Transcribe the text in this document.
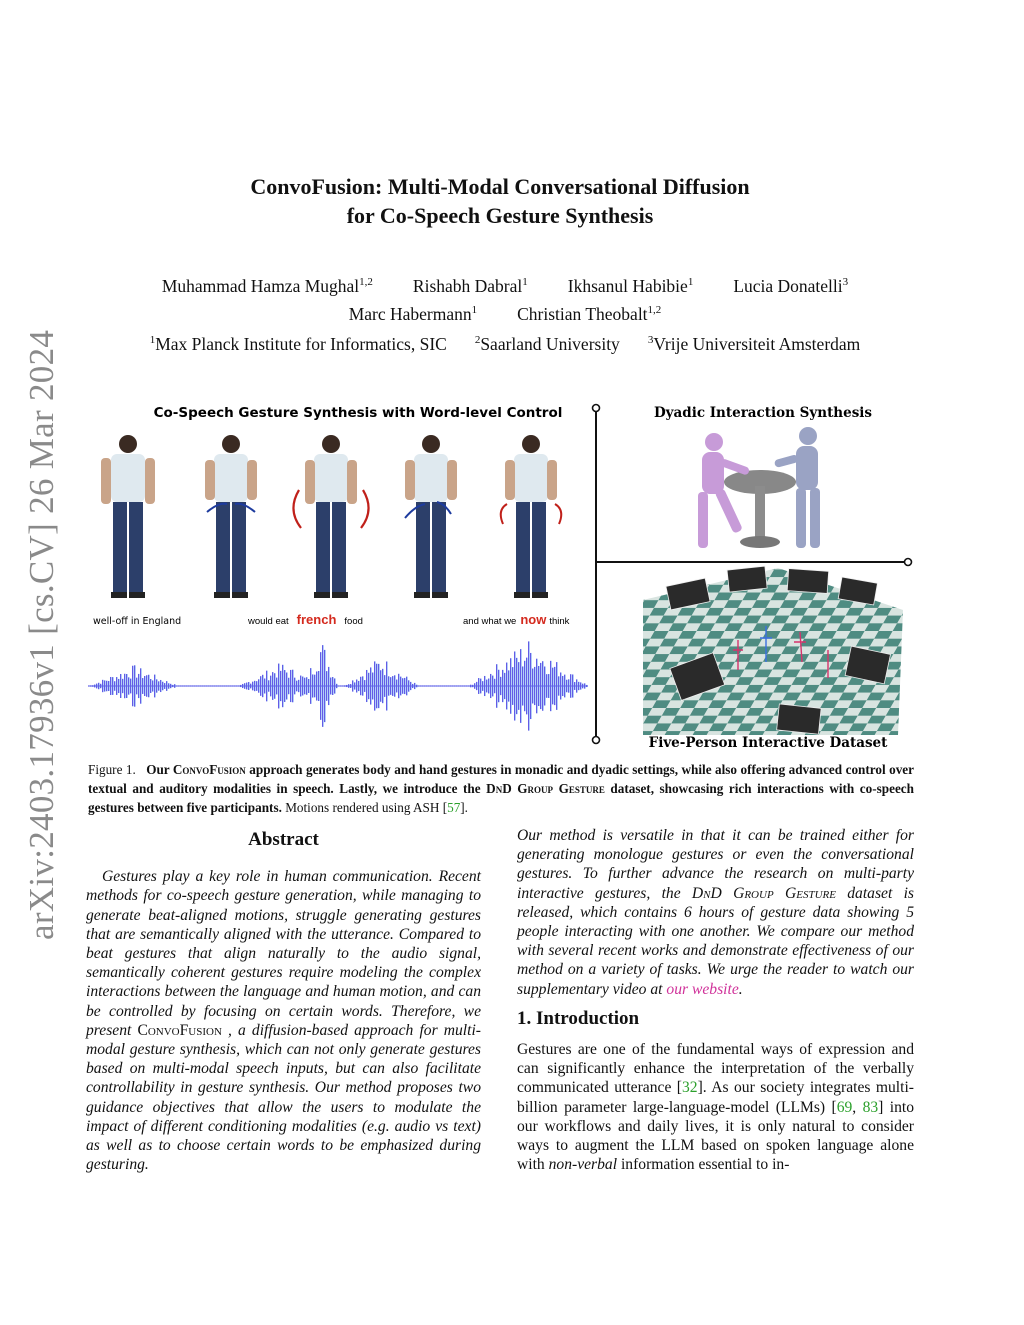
arXiv:2403.17936v1 [cs.CV] 26 Mar 2024
ConvoFusion: Multi-Modal Conversational Diffusion
for Co-Speech Gesture Synthesis
Muhammad Hamza Mughal$^{1,2}$ Rishabh Dabral$^1$ Ikhsanul Habibie$^1$ Lucia Donatelli$^3$
Marc Habermann$^1$ Christian Theobalt$^{1,2}$
$^1$Max Planck Institute for Informatics, SIC	$^2$Saarland University	$^3$Vrije Universiteit Amsterdam
Co-Speech Gesture Synthesis with Word-level Control
well-off in England	would eat french food	and what we now think
Dyadic Interaction Synthesis
Five-Person Interactive Dataset
Figure 1. Our ConvoFusion approach generates body and hand gestures in monadic and dyadic settings, while also offering advanced control over textual and auditory modalities in speech. Lastly, we introduce the DnD Group Gesture dataset, showcasing rich interactions with co-speech gestures between five participants. Motions rendered using ASH [57].
Abstract

Gestures play a key role in human communication. Recent methods for co-speech gesture generation, while managing to generate beat-aligned motions, struggle generating gestures that are semantically aligned with the utterance. Compared to beat gestures that align naturally to the audio signal, semantically coherent gestures require modeling the complex interactions between the language and human motion, and can be controlled by focusing on certain words. Therefore, we present ConvoFusion , a diffusion-based approach for multi-modal gesture synthesis, which can not only generate gestures based on multi-modal speech inputs, but can also facilitate controllability in gesture synthesis. Our method proposes two guidance objectives that allow the users to modulate the impact of different conditioning modalities (e.g. audio vs text) as well as to choose certain words to be emphasized during gesturing.

Our method is versatile in that it can be trained either for generating monologue gestures or even the conversational gestures. To further advance the research on multi-party interactive gestures, the DnD Group Gesture dataset is released, which contains 6 hours of gesture data showing 5 people interacting with one another. We compare our method with several recent works and demonstrate effectiveness of our method on a variety of tasks. We urge the reader to watch our supplementary video at our website.

1. Introduction

Gestures are one of the fundamental ways of expression and can significantly enhance the interpretation of the verbally communicated utterance [32]. As our society integrates multi-billion parameter large-language-model (LLMs) [69, 83] into our workflows and daily lives, it is only natural to consider ways to augment the LLM based on spoken language alone with non-verbal information essential to in-
